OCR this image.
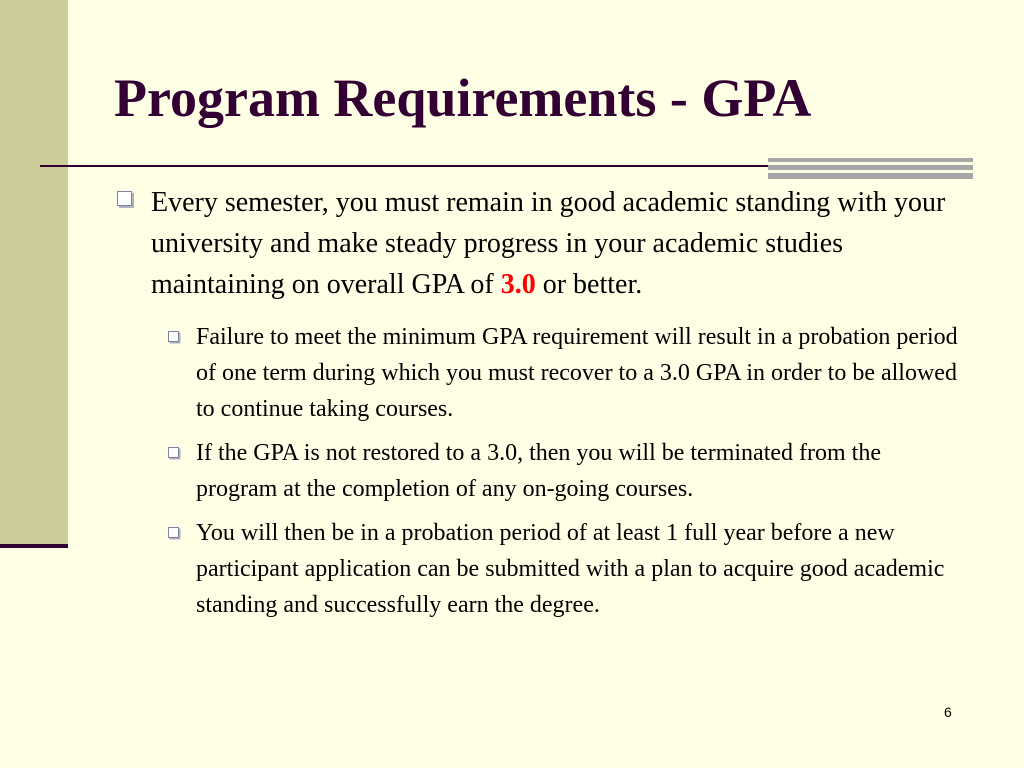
Program Requirements - GPA

Every semester, you must remain in good academic standing with your university and make steady progress in your academic studies maintaining on overall GPA of 3.0 or better.

Failure to meet the minimum GPA requirement will result in a probation period of one term during which you must recover to a 3.0 GPA in order to be allowed to continue taking courses.
If the GPA is not restored to a 3.0, then you will be terminated from the program at the completion of any on-going courses.
You will then be in a probation period of at least 1 full year before a new participant application can be submitted with a plan to acquire good academic standing and successfully earn the degree.
6
